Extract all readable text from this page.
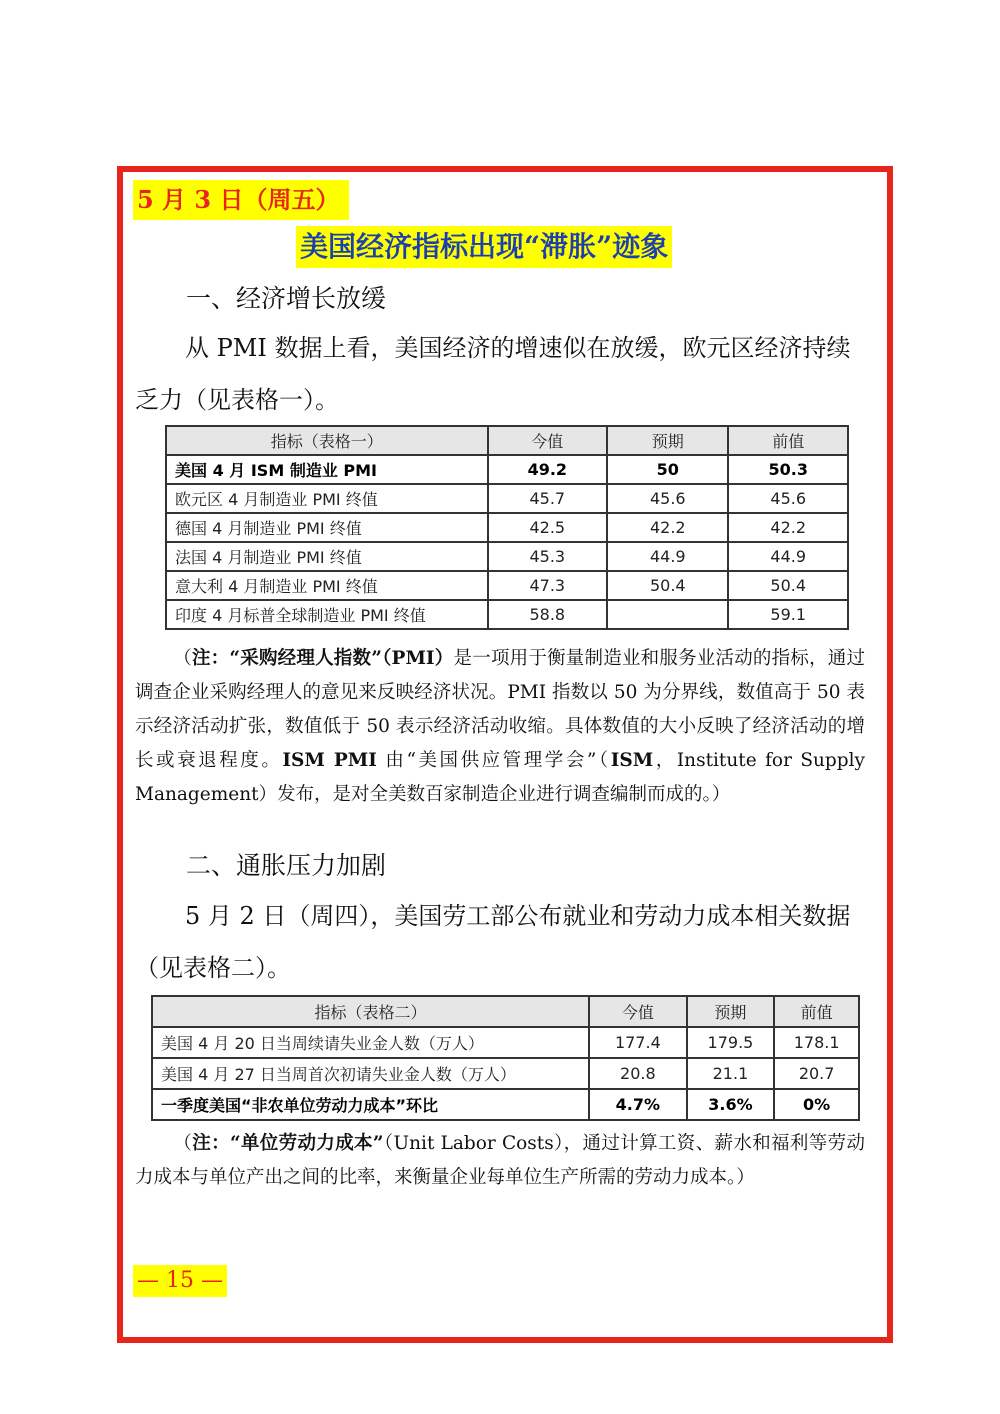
5 月 3 日（周五）
美国经济指标出现“滞胀”迹象
一、经济增长放缓
从 PMI 数据上看，美国经济的增速似在放缓，欧元区经济持续乏力（见表格一）。
指标（表格一）	今值	预期	前值
美国 4 月 ISM 制造业 PMI	49.2	50	50.3
欧元区 4 月制造业 PMI 终值	45.7	45.6	45.6
德国 4 月制造业 PMI 终值	42.5	42.2	42.2
法国 4 月制造业 PMI 终值	45.3	44.9	44.9
意大利 4 月制造业 PMI 终值	47.3	50.4	50.4
印度 4 月标普全球制造业 PMI 终值	58.8		59.1
（注：“采购经理人指数”（PMI）是一项用于衡量制造业和服务业活动的指标，通过调查企业采购经理人的意见来反映经济状况。PMI 指数以 50 为分界线，数值高于 50 表示经济活动扩张，数值低于 50 表示经济活动收缩。具体数值的大小反映了经济活动的增长或衰退程度。ISM PMI 由“美国供应管理学会”（ISM，Institute for Supply Management）发布，是对全美数百家制造企业进行调查编制而成的。）
二、通胀压力加剧
5 月 2 日（周四），美国劳工部公布就业和劳动力成本相关数据（见表格二）。
指标（表格二）	今值	预期	前值
美国 4 月 20 日当周续请失业金人数（万人）	177.4	179.5	178.1
美国 4 月 27 日当周首次初请失业金人数（万人）	20.8	21.1	20.7
一季度美国“非农单位劳动力成本”环比	4.7%	3.6%	0%
（注：“单位劳动力成本”（Unit Labor Costs），通过计算工资、薪水和福利等劳动力成本与单位产出之间的比率，来衡量企业每单位生产所需的劳动力成本。）
— 15 —
